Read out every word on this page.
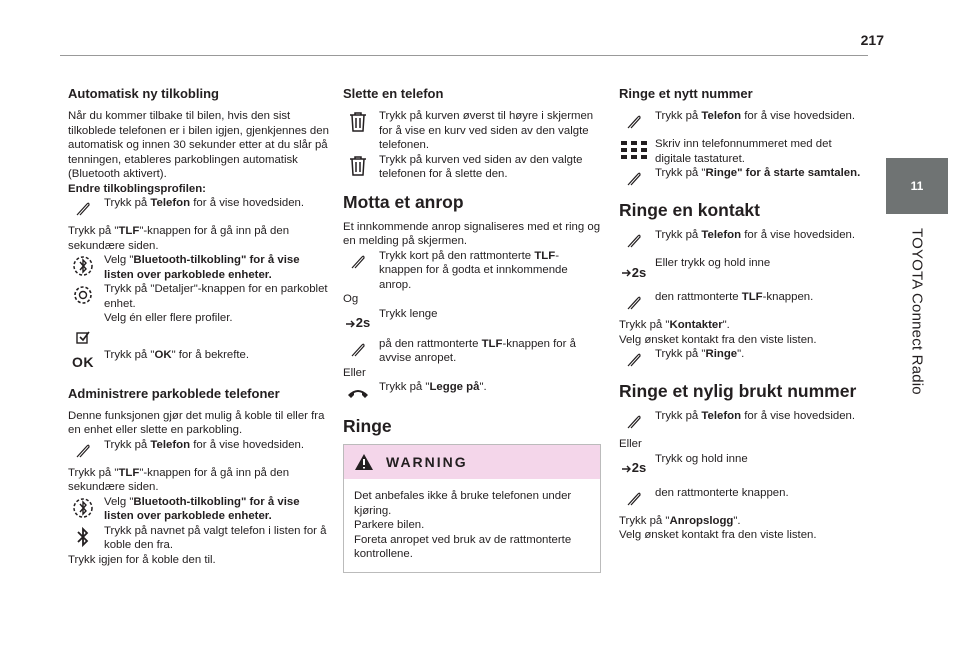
217
11
TOYOTA Connect Radio
Automatisk ny tilkobling

Når du kommer tilbake til bilen, hvis den sist tilkoblede telefonen er i bilen igjen, gjenkjennes den automatisk og innen 30 sekunder etter at du slår på tenningen, etableres parkoblingen automatisk (Bluetooth aktivert).

Endre tilkoblingsprofilen:

Trykk på Telefon for å vise hovedsiden.

Trykk på "TLF"-knappen for å gå inn på den sekundære siden.

Velg "Bluetooth-tilkobling" for å vise listen over parkoblede enheter.
Trykk på "Detaljer"-knappen for en parkoblet enhet.
Velg én eller flere profiler.

OK Trykk på "OK" for å bekrefte.
Administrere parkoblede telefoner

Denne funksjonen gjør det mulig å koble til eller fra en enhet eller slette en parkobling.

Trykk på Telefon for å vise hovedsiden.

Trykk på "TLF"-knappen for å gå inn på den sekundære siden.

Velg "Bluetooth-tilkobling" for å vise listen over parkoblede enheter.
Trykk på navnet på valgt telefon i listen for å koble den fra.

Trykk igjen for å koble den til.

Slette en telefon
Trykk på kurven øverst til høyre i skjermen for å vise en kurv ved siden av den valgte telefonen.
Trykk på kurven ved siden av den valgte telefonen for å slette den.
Motta et anrop

Et innkommende anrop signaliseres med et ring og en melding på skjermen.

Trykk kort på den rattmonterte TLF-knappen for å godta et innkommende anrop.

Og

2s
Trykk lenge
på den rattmonterte TLF-knappen for å avvise anropet.

Eller

Trykk på "Legge på".
Ringe
WARNING

Det anbefales ikke å bruke telefonen under kjøring.

Parkere bilen.

Foreta anropet ved bruk av de rattmonterte kontrollene.

Ringe et nytt nummer
Trykk på Telefon for å vise hovedsiden.
Skriv inn telefonnummeret med det digitale tastaturet.
Trykk på "Ringe" for å starte samtalen.
Ringe en kontakt
Trykk på Telefon for å vise hovedsiden.
2s
Eller trykk og hold inne
den rattmonterte TLF-knappen.

Trykk på "Kontakter".

Velg ønsket kontakt fra den viste listen.

Trykk på "Ringe".
Ringe et nylig brukt nummer
Trykk på Telefon for å vise hovedsiden.

Eller

2s
Trykk og hold inne
den rattmonterte knappen.

Trykk på "Anropslogg".

Velg ønsket kontakt fra den viste listen.
